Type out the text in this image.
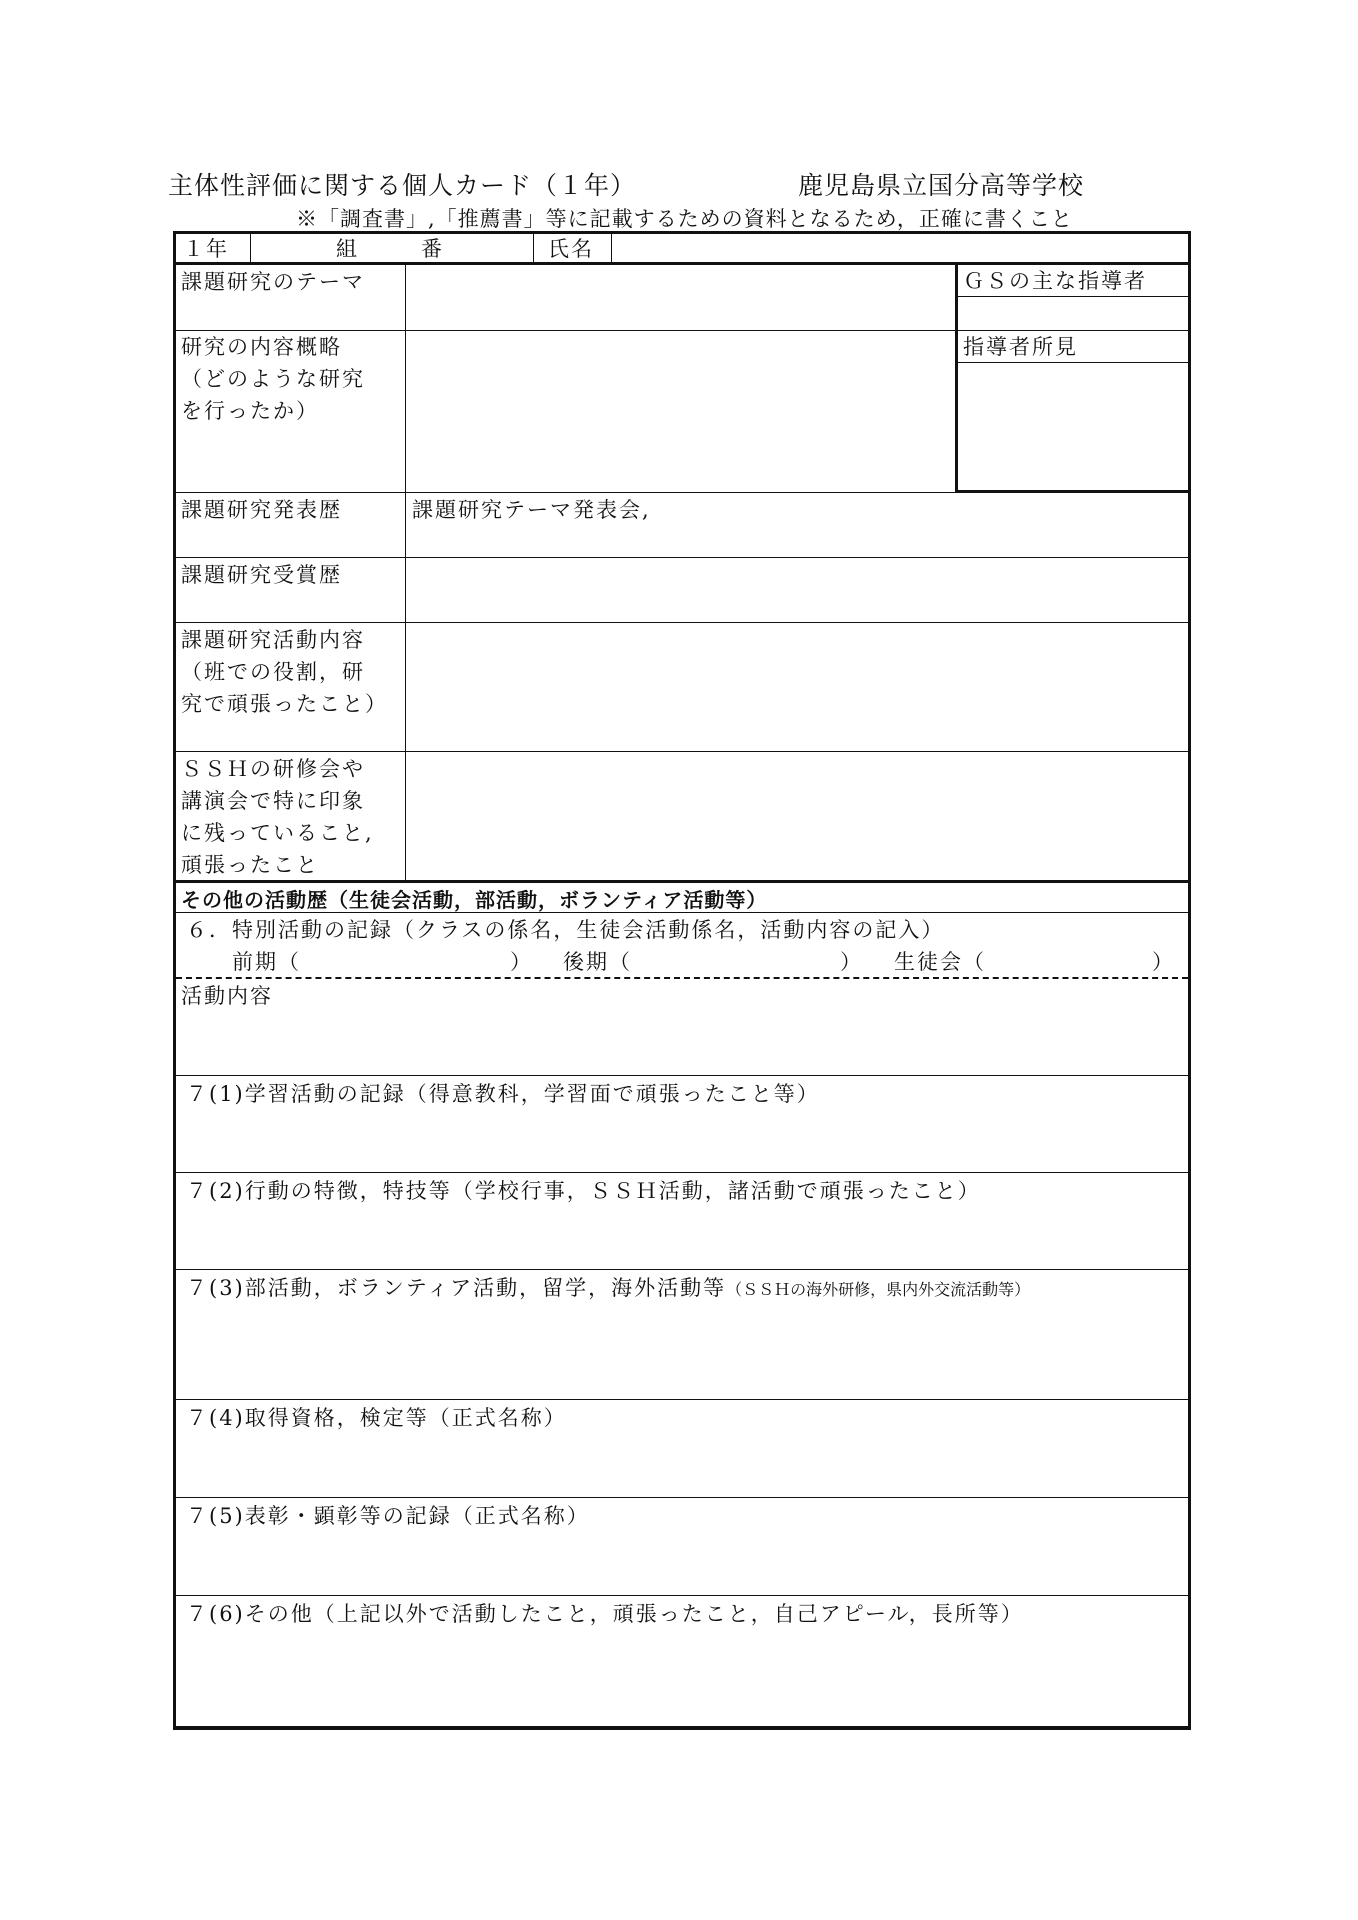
主体性評価に関する個人カード（１年）	鹿児島県立国分高等学校
※「調査書」,「推薦書」等に記載するための資料となるため，正確に書くこと
１年	組	番	氏名
課題研究のテーマ	ＧＳの主な指導者
研究の内容概略
（どのような研究
を行ったか）
指導者所見
課題研究発表歴	課題研究テーマ発表会,
課題研究受賞歴
課題研究活動内容
（班での役割，研
究で頑張ったこと）
ＳＳＨの研修会や
講演会で特に印象
に残っていること,
頑張ったこと
その他の活動歴（生徒会活動，部活動，ボランティア活動等）
６．特別活動の記録（クラスの係名，生徒会活動係名，活動内容の記入）
前期（	） 後期（	） 生徒会（	）
活動内容
７(1)学習活動の記録（得意教科，学習面で頑張ったこと等）
７(2)行動の特徴，特技等（学校行事，ＳＳＨ活動，諸活動で頑張ったこと）
７(3)部活動，ボランティア活動，留学，海外活動等（ＳＳＨの海外研修，県内外交流活動等）
７(4)取得資格，検定等（正式名称）
７(5)表彰・顕彰等の記録（正式名称）
７(6)その他（上記以外で活動したこと，頑張ったこと，自己アピール，長所等）
